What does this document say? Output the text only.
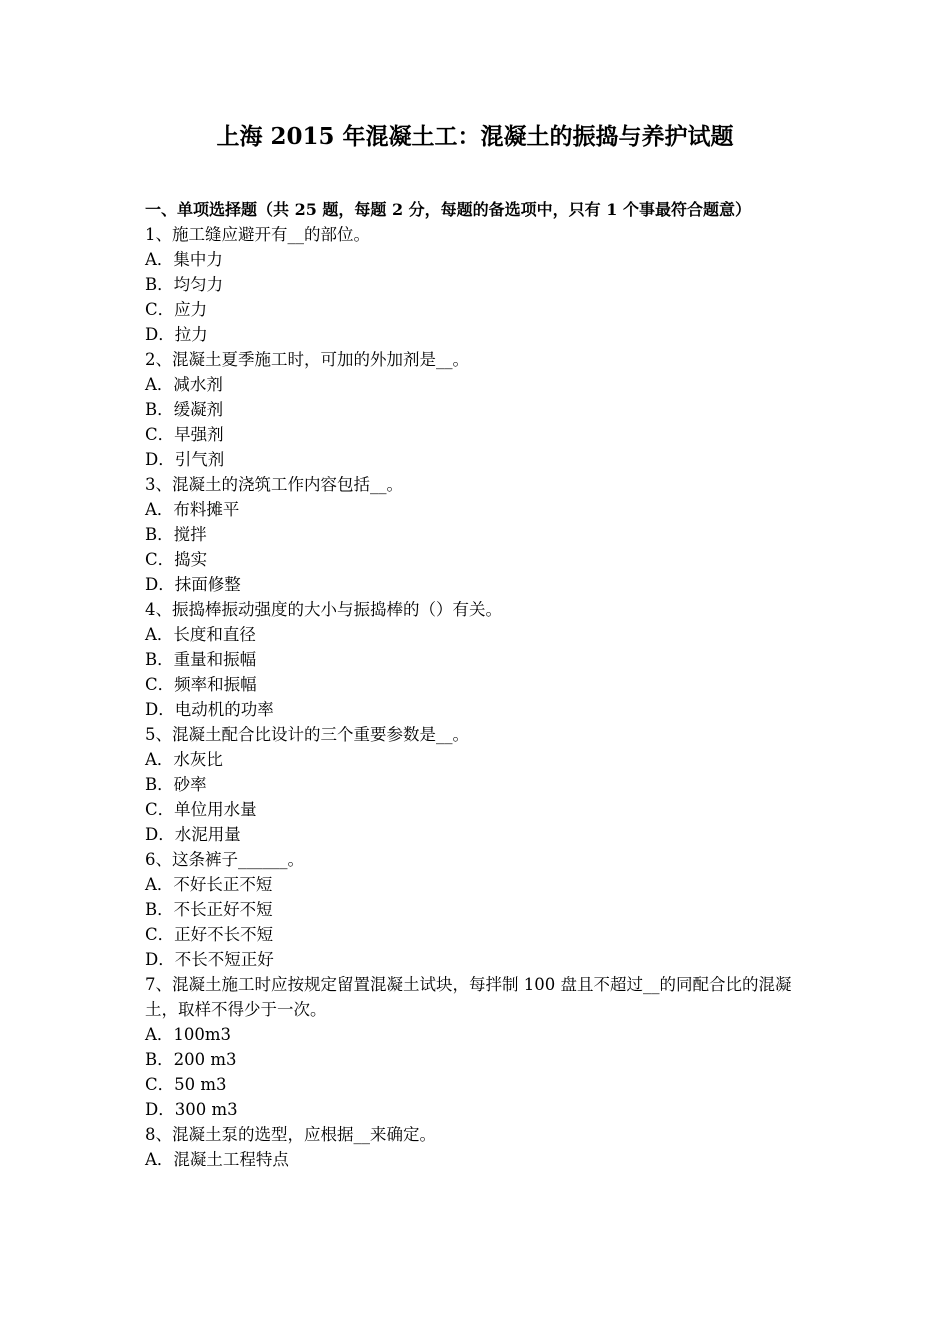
上海 2015 年混凝土工：混凝土的振捣与养护试题

一、单项选择题（共 25 题，每题 2 分，每题的备选项中，只有 1 个事最符合题意）

1、施工缝应避开有__的部位。

A．集中力

B．均匀力

C．应力

D．拉力

2、混凝土夏季施工时，可加的外加剂是__。

A．减水剂

B．缓凝剂

C．早强剂

D．引气剂

3、混凝土的浇筑工作内容包括__。

A．布料摊平

B．搅拌

C．捣实

D．抹面修整

4、振捣棒振动强度的大小与振捣棒的（）有关。

A．长度和直径

B．重量和振幅

C．频率和振幅

D．电动机的功率

5、混凝土配合比设计的三个重要参数是__。

A．水灰比

B．砂率

C．单位用水量

D．水泥用量

6、这条裤子______。

A．不好长正不短

B．不长正好不短

C．正好不长不短

D．不长不短正好

7、混凝土施工时应按规定留置混凝土试块，每拌制 100 盘且不超过__的同配合比的混凝土，取样不得少于一次。

A．100m3

B．200 m3

C．50 m3

D．300 m3

8、混凝土泵的选型，应根据__来确定。

A．混凝土工程特点
